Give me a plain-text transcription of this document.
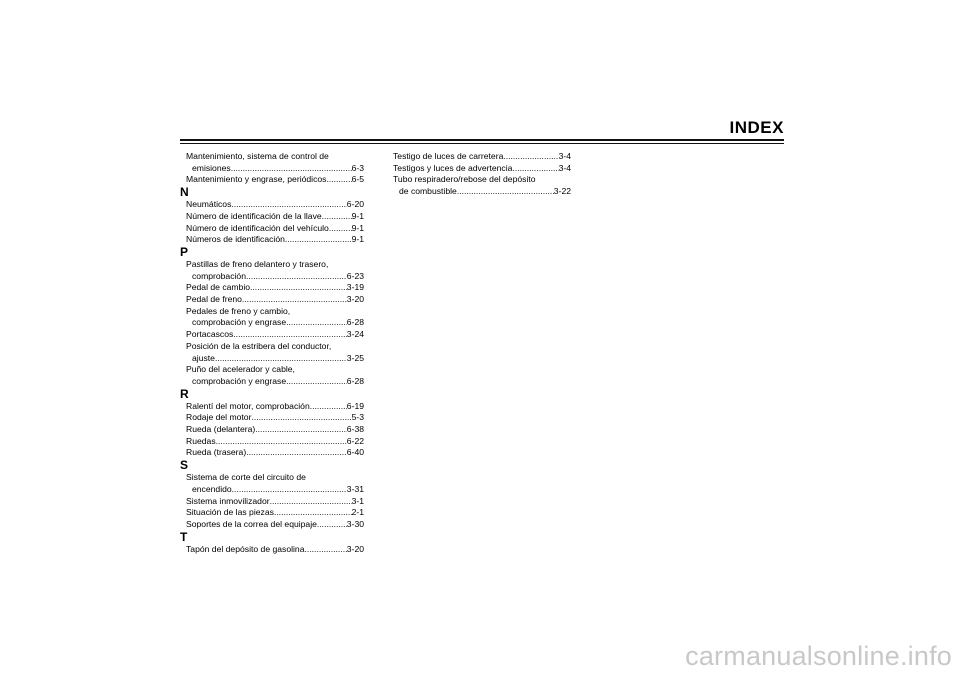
INDEX
Mantenimiento, sistema de control de
emisiones .....	6-3
Mantenimiento y engrase, periódicos .....	6-5
N
Neumáticos .....	6-20
Número de identificación de la llave .....	9-1
Número de identificación del vehículo .....	9-1
Números de identificación .....	9-1
P
Pastillas de freno delantero y trasero,
comprobación .....	6-23
Pedal de cambio .....	3-19
Pedal de freno .....	3-20
Pedales de freno y cambio,
comprobación y engrase .....	6-28
Portacascos .....	3-24
Posición de la estribera del conductor,
ajuste .....	3-25
Puño del acelerador y cable,
comprobación y engrase .....	6-28
R
Ralentí del motor, comprobación .....	6-19
Rodaje del motor .....	5-3
Rueda (delantera) .....	6-38
Ruedas .....	6-22
Rueda (trasera) .....	6-40
S
Sistema de corte del circuito de
encendido .....	3-31
Sistema inmovilizador .....	3-1
Situación de las piezas .....	2-1
Soportes de la correa del equipaje .....	3-30
T
Tapón del depósito de gasolina .....	3-20
Testigo de luces de carretera .....	3-4
Testigos y luces de advertencia .....	3-4
Tubo respiradero/rebose del depósito
de combustible .....	3-22
carmanualsonline.info
